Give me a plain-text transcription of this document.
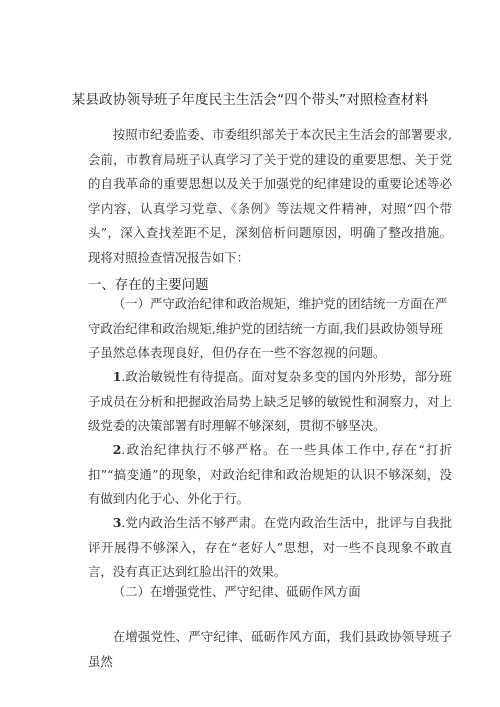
某县政协领导班子年度民主生活会“四个带头”对照检查材料

按照市纪委监委、市委组织部关于本次民主生活会的部署要求,会前，市教育局班子认真学习了关于党的建设的重要思想、关于党的自我革命的重要思想以及关于加强党的纪律建设的重要论述等必学内容，认真学习党章、《条例》等法规文件精神，对照“四个带头”，深入查找差距不足，深刻倍析问题原因，明确了整改措施。现将对照捡查情况报告如下：

一、存在的主要问题

（一）严守政治纪律和政治规矩，维护党的团结统一方面在严守政治纪律和政治规矩,维护党的团结统一方面,我们县政协领导班子虽然总体表现良好，但仍存在一些不容忽视的问题。

1.政治敏锐性有待提高。面对复杂多变的国内外形势，部分班子成员在分析和把握政治局势上缺乏足够的敏锐性和洞察力，对上级党委的决策部署有时理解不够深刻，贯彻不够坚决。

2.政治纪律执行不够严格。在一些具体工作中,存在“打折扣”“搞变通”的现象，对政治纪律和政治规矩的认识不够深刻，没有做到内化于心、外化于行。

3.党内政治生活不够严肃。在党内政治生活中，批评与自我批评开展得不够深入，存在“老好人”思想，对一些不良现象不敢直言，没有真正达到红脸出汗的效果。

（二）在增强党性、严守纪律、砥砺作风方面

在增强党性、严守纪律、砥砺作风方面，我们县政协领导班子虽然
